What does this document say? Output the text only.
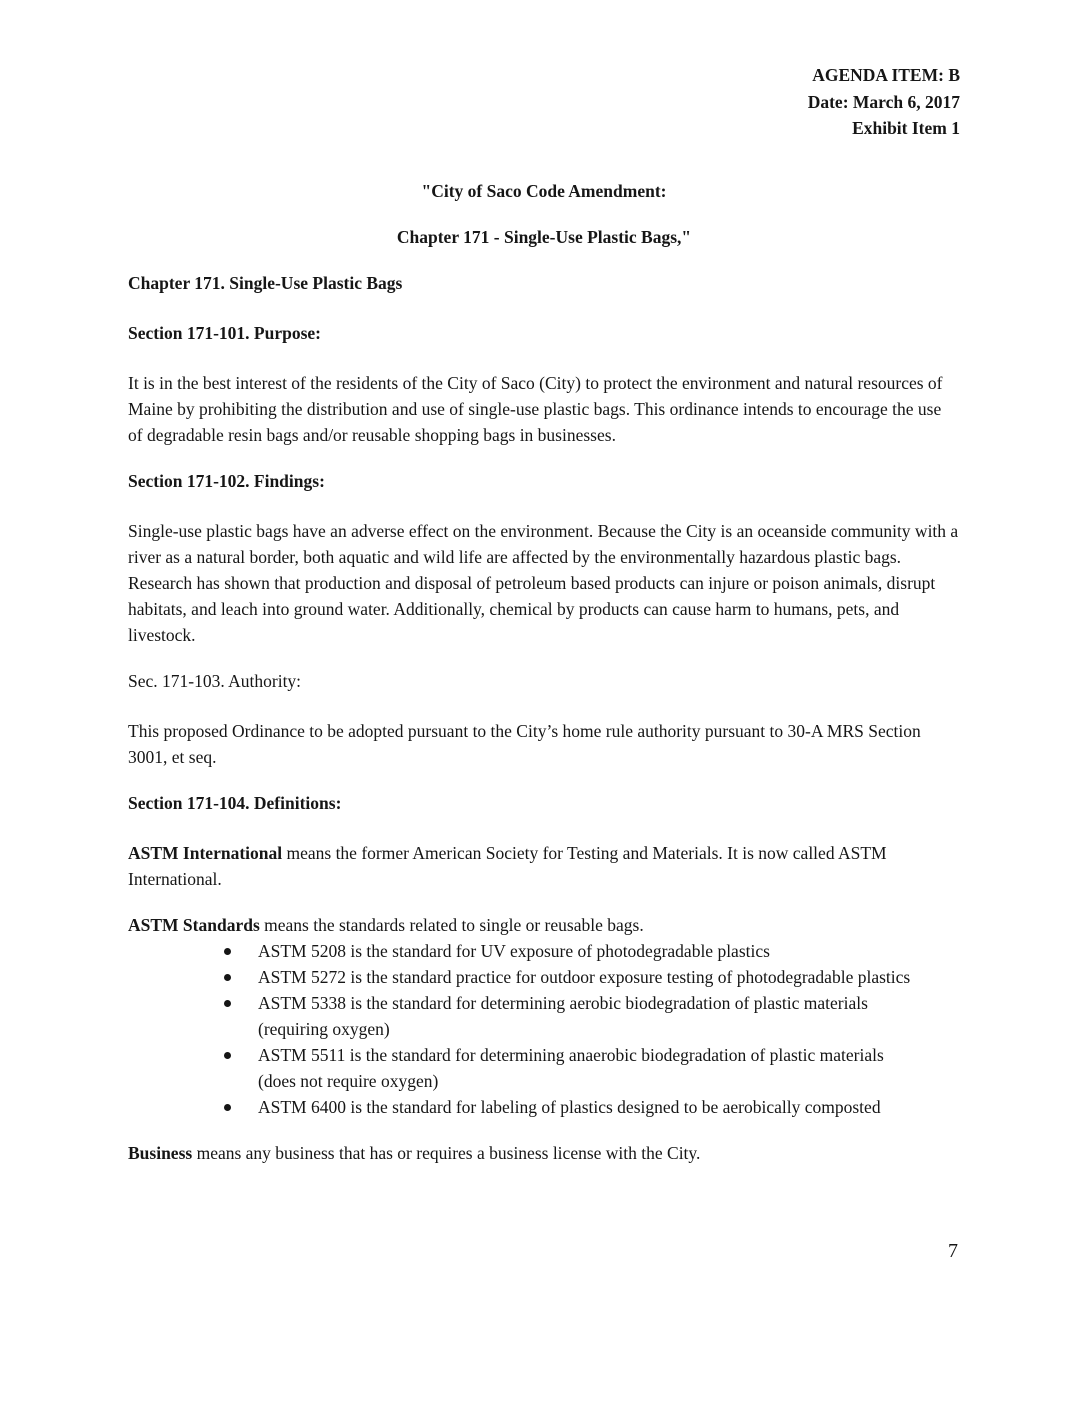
AGENDA ITEM: B
Date: March 6, 2017
Exhibit Item 1

"City of Saco Code Amendment:

Chapter 171 - Single-Use Plastic Bags,"

Chapter 171. Single-Use Plastic Bags

Section 171-101. Purpose:

It is in the best interest of the residents of the City of Saco (City) to protect the environment and natural resources of Maine by prohibiting the distribution and use of single-use plastic bags. This ordinance intends to encourage the use of degradable resin bags and/or reusable shopping bags in businesses.

Section 171-102. Findings:

Single-use plastic bags have an adverse effect on the environment. Because the City is an oceanside community with a river as a natural border, both aquatic and wild life are affected by the environmentally hazardous plastic bags. Research has shown that production and disposal of petroleum based products can injure or poison animals, disrupt habitats, and leach into ground water. Additionally, chemical by products can cause harm to humans, pets, and livestock.

Sec. 171-103. Authority:

This proposed Ordinance to be adopted pursuant to the City’s home rule authority pursuant to 30-A MRS Section 3001, et seq.

Section 171-104. Definitions:

ASTM International means the former American Society for Testing and Materials. It is now called ASTM International.

ASTM Standards means the standards related to single or reusable bags.

ASTM 5208 is the standard for UV exposure of photodegradable plastics
ASTM 5272 is the standard practice for outdoor exposure testing of photodegradable plastics
ASTM 5338 is the standard for determining aerobic biodegradation of plastic materials (requiring oxygen)
ASTM 5511 is the standard for determining anaerobic biodegradation of plastic materials (does not require oxygen)
ASTM 6400 is the standard for labeling of plastics designed to be aerobically composted

Business means any business that has or requires a business license with the City.

7
